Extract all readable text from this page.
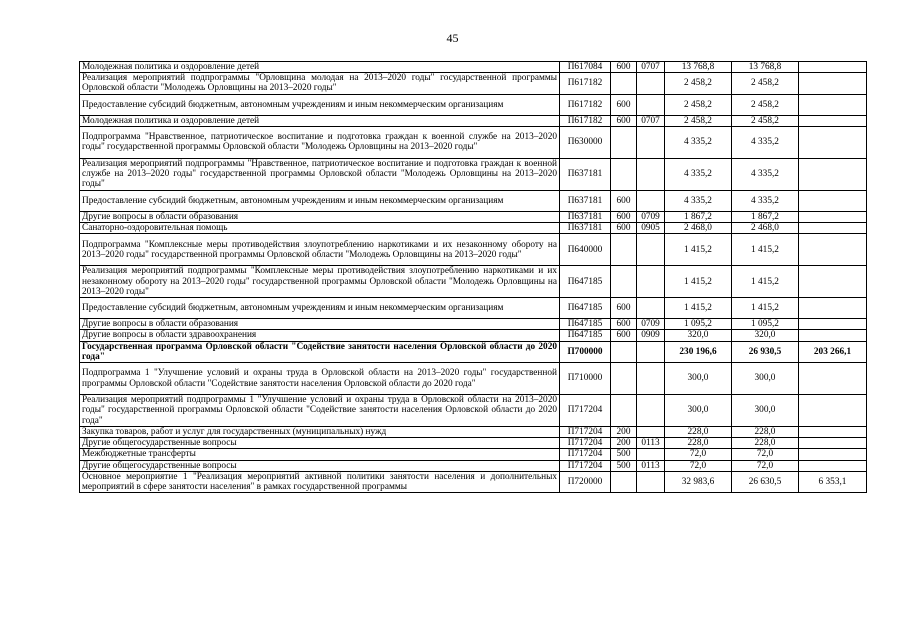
45
Молодежная политика и оздоровление детей	П617084	600	0707	13 768,8	13 768,8	
Реализация мероприятий подпрограммы "Орловщина молодая на 2013–2020 годы" государственной программы Орловской области "Молодежь Орловщины на 2013–2020 годы"	П617182			2 458,2	2 458,2	
Предоставление субсидий бюджетным, автономным учреждениям и иным некоммерческим организациям	П617182	600		2 458,2	2 458,2	
Молодежная политика и оздоровление детей	П617182	600	0707	2 458,2	2 458,2	
Подпрограмма "Нравственное, патриотическое воспитание и подготовка граждан к военной службе на 2013–2020 годы" государственной программы Орловской области "Молодежь Орловщины на 2013–2020 годы"	П630000			4 335,2	4 335,2	
Реализация мероприятий подпрограммы "Нравственное, патриотическое воспитание и подготовка граждан к военной службе на 2013–2020 годы" государственной программы Орловской области "Молодежь Орловщины на 2013–2020 годы"	П637181			4 335,2	4 335,2	
Предоставление субсидий бюджетным, автономным учреждениям и иным некоммерческим организациям	П637181	600		4 335,2	4 335,2	
Другие вопросы в области образования	П637181	600	0709	1 867,2	1 867,2	
Санаторно-оздоровительная помощь	П637181	600	0905	2 468,0	2 468,0	
Подпрограмма "Комплексные меры противодействия злоупотреблению наркотиками и их незаконному обороту на 2013–2020 годы" государственной программы Орловской области "Молодежь Орловщины на 2013–2020 годы"	П640000			1 415,2	1 415,2	
Реализация мероприятий подпрограммы "Комплексные меры противодействия злоупотреблению наркотиками и их незаконному обороту на 2013–2020 годы" государственной программы Орловской области "Молодежь Орловщины на 2013–2020 годы"	П647185			1 415,2	1 415,2	
Предоставление субсидий бюджетным, автономным учреждениям и иным некоммерческим организациям	П647185	600		1 415,2	1 415,2	
Другие вопросы в области образования	П647185	600	0709	1 095,2	1 095,2	
Другие вопросы в области здравоохранения	П647185	600	0909	320,0	320,0	
Государственная программа Орловской области "Содействие занятости населения Орловской области до 2020 года"	П700000			230 196,6	26 930,5	203 266,1
Подпрограмма 1 "Улучшение условий и охраны труда в Орловской области на 2013–2020 годы" государственной программы Орловской области "Содействие занятости населения Орловской области до 2020 года"	П710000			300,0	300,0	
Реализация мероприятий подпрограммы 1 "Улучшение условий и охраны труда в Орловской области на 2013–2020 годы" государственной программы Орловской области "Содействие занятости населения Орловской области до 2020 года"	П717204			300,0	300,0	
Закупка товаров, работ и услуг для государственных (муниципальных) нужд	П717204	200		228,0	228,0	
Другие общегосударственные вопросы	П717204	200	0113	228,0	228,0	
Межбюджетные трансферты	П717204	500		72,0	72,0	
Другие общегосударственные вопросы	П717204	500	0113	72,0	72,0	
Основное мероприятие 1 "Реализация мероприятий активной политики занятости населения и дополнительных мероприятий в сфере занятости населения" в рамках государственной программы	П720000			32 983,6	26 630,5	6 353,1
